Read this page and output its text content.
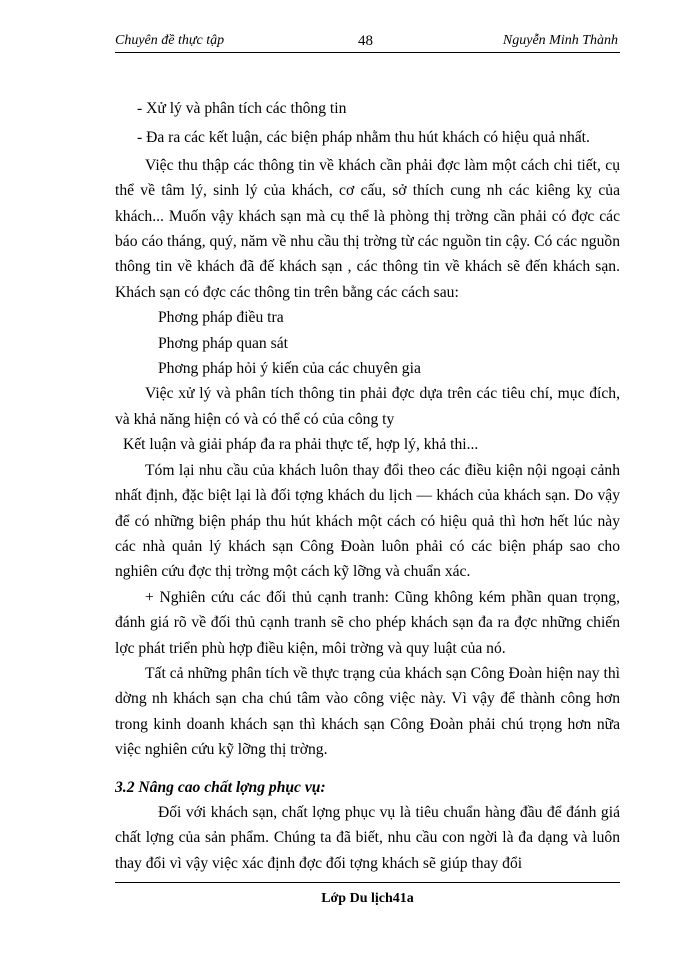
Chuyên đề thực tập	48	Nguyễn Minh Thành

- Xử lý và phân tích các thông tin

- Đa ra các kết luận, các biện pháp nhằm thu hút khách có hiệu quả nhất.

Việc thu thập các thông tin về khách cần phải đợc làm một cách chi tiết, cụ thể về tâm lý, sinh lý của khách, cơ cấu, sở thích cung nh các kiêng kỵ của khách... Muốn vậy khách sạn mà cụ thể là phòng thị trờng cần phải có đợc các báo cáo tháng, quý, năm về nhu cầu thị trờng từ các nguồn tin cậy. Có các nguồn thông tin về khách đã đế khách sạn , các thông tin về khách sẽ đến khách sạn. Khách sạn có đợc các thông tin trên bằng các cách sau:

Phơng pháp điều tra

Phơng pháp quan sát

Phơng pháp hỏi ý kiến của các chuyên gia

Việc xử lý và phân tích thông tin phải đợc dựa trên các tiêu chí, mục đích, và khả năng hiện có và có thể có của công ty

Kết luận và giải pháp đa ra phải thực tế, hợp lý, khả thi...

Tóm lại nhu cầu của khách luôn thay đổi theo các điều kiện nội ngoại cảnh nhất định, đặc biệt lại là đối tợng khách du lịch — khách của khách sạn. Do vậy để có những biện pháp thu hút khách một cách có hiệu quả thì hơn hết lúc này các nhà quản lý khách sạn Công Đoàn luôn phải có các biện pháp sao cho nghiên cứu đợc thị trờng một cách kỹ lỡng và chuẩn xác.

+ Nghiên cứu các đối thủ cạnh tranh: Cũng không kém phần quan trọng, đánh giá rõ về đối thủ cạnh tranh sẽ cho phép khách sạn đa ra đợc những chiến lợc phát triển phù hợp điều kiện, môi trờng và quy luật của nó.

Tất cả những phân tích về thực trạng của khách sạn Công Đoàn hiện nay thì dờng nh khách sạn cha chú tâm vào công việc này. Vì vậy để thành công hơn trong kinh doanh khách sạn thì khách sạn Công Đoàn phải chú trọng hơn nữa việc nghiên cứu kỹ lỡng thị trờng.

3.2 Nâng cao chất lợng phục vụ:

Đối với khách sạn, chất lợng phục vụ là tiêu chuẩn hàng đầu để đánh giá chất lợng của sản phẩm. Chúng ta đã biết, nhu cầu con ngời là đa dạng và luôn thay đổi vì vậy việc xác định đợc đối tợng khách sẽ giúp thay đổi

Lớp Du lịch41a
